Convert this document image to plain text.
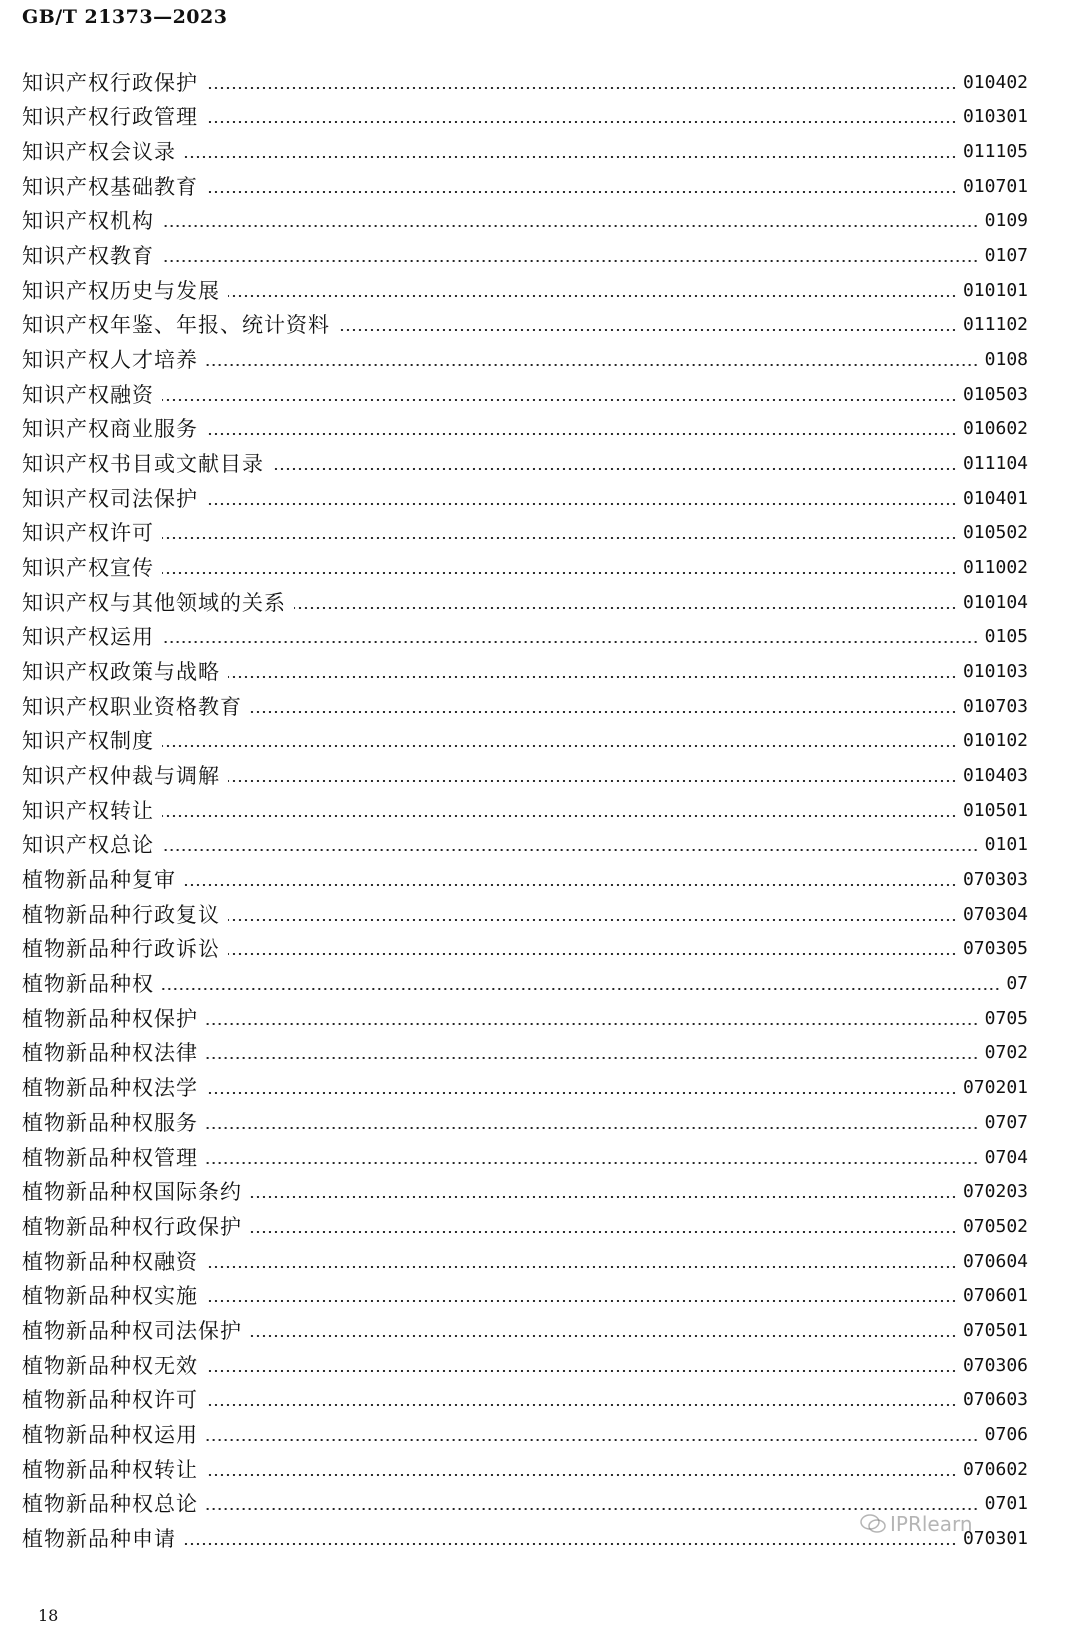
GB/T 21373—2023
知识产权行政保护	010402
知识产权行政管理	010301
知识产权会议录	011105
知识产权基础教育	010701
知识产权机构	0109
知识产权教育	0107
知识产权历史与发展	010101
知识产权年鉴、年报、统计资料	011102
知识产权人才培养	0108
知识产权融资	010503
知识产权商业服务	010602
知识产权书目或文献目录	011104
知识产权司法保护	010401
知识产权许可	010502
知识产权宣传	011002
知识产权与其他领域的关系	010104
知识产权运用	0105
知识产权政策与战略	010103
知识产权职业资格教育	010703
知识产权制度	010102
知识产权仲裁与调解	010403
知识产权转让	010501
知识产权总论	0101
植物新品种复审	070303
植物新品种行政复议	070304
植物新品种行政诉讼	070305
植物新品种权	07
植物新品种权保护	0705
植物新品种权法律	0702
植物新品种权法学	070201
植物新品种权服务	0707
植物新品种权管理	0704
植物新品种权国际条约	070203
植物新品种权行政保护	070502
植物新品种权融资	070604
植物新品种权实施	070601
植物新品种权司法保护	070501
植物新品种权无效	070306
植物新品种权许可	070603
植物新品种权运用	0706
植物新品种权转让	070602
植物新品种权总论	0701
植物新品种申请	070301
18
IPRlearn
